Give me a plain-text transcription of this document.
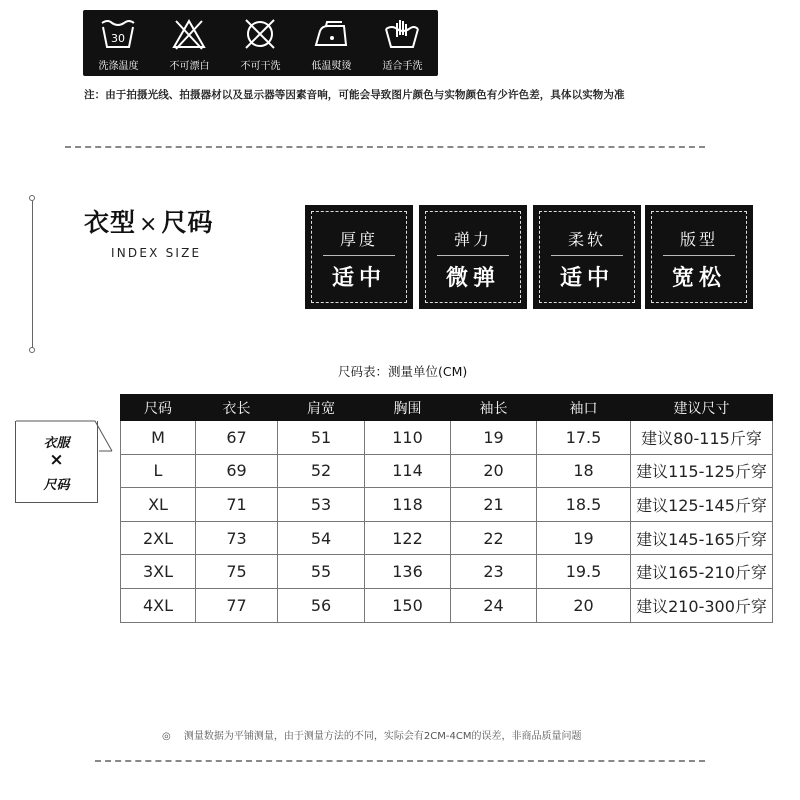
30
洗涤温度	不可漂白	不可干洗	低温熨烫	适合手洗
注：由于拍摄光线、拍摄器材以及显示器等因素音响，可能会导致图片颜色与实物颜色有少许色差，具体以实物为准
衣型 × 尺码
INDEX SIZE
厚度
适中
弹力
微弹
柔软
适中
版型
宽松
尺码表：测量单位(CM)
衣服
×
尺码
尺码	衣长	肩宽	胸围	袖长	袖口	建议尺寸
M	67	51	110	19	17.5	建议80-115斤穿
L	69	52	114	20	18	建议115-125斤穿
XL	71	53	118	21	18.5	建议125-145斤穿
2XL	73	54	122	22	19	建议145-165斤穿
3XL	75	55	136	23	19.5	建议165-210斤穿
4XL	77	56	150	24	20	建议210-300斤穿
◎ 测量数据为平铺测量，由于测量方法的不同，实际会有2CM-4CM的误差，非商品质量问题
